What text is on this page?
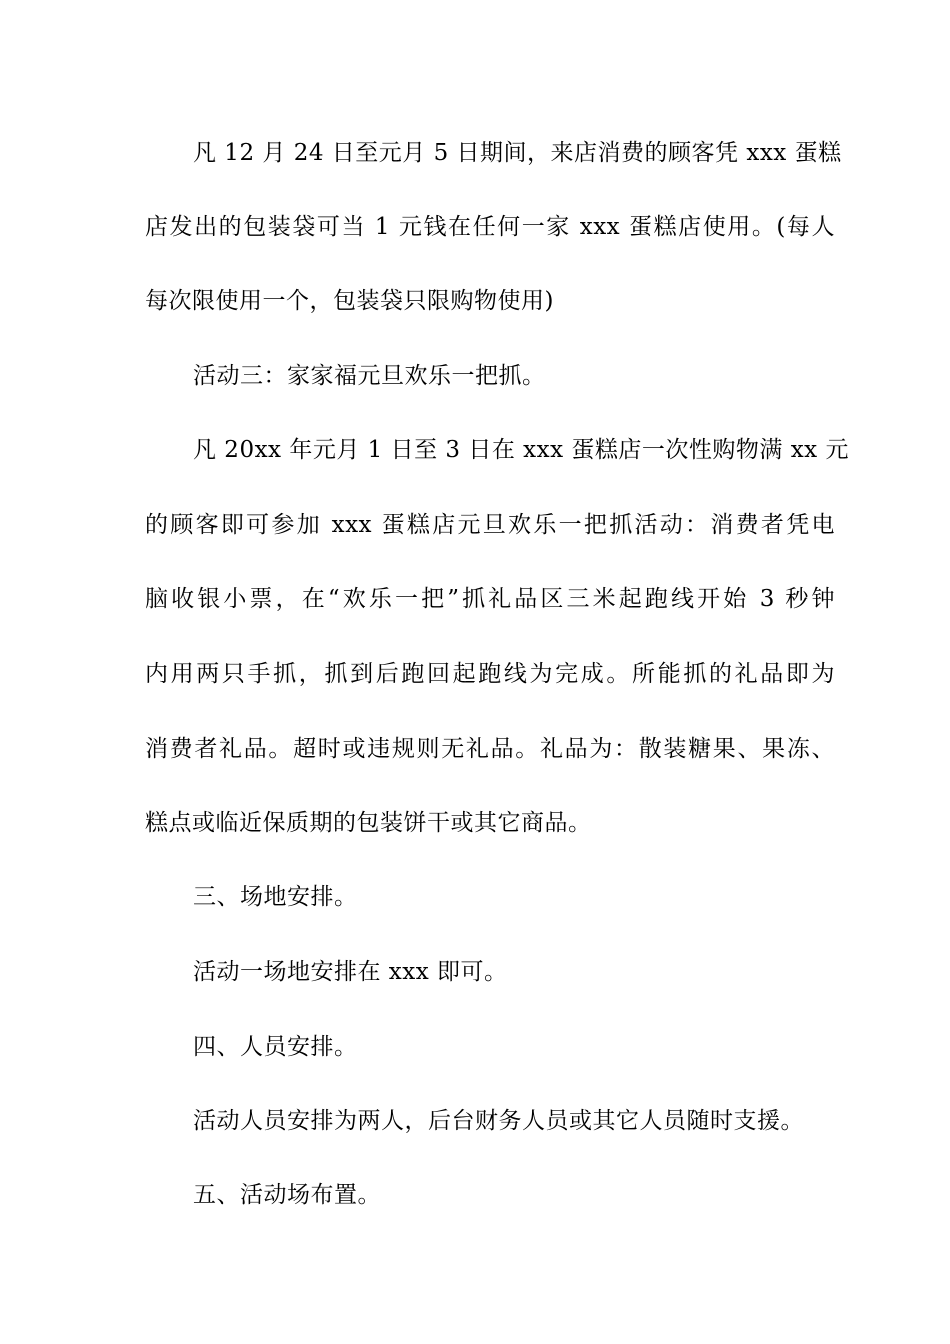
凡 12 月 24 日至元月 5 日期间，来店消费的顾客凭 xxx 蛋糕
店发出的包装袋可当 1 元钱在任何一家 xxx 蛋糕店使用。(每人
每次限使用一个，包装袋只限购物使用)
活动三：家家福元旦欢乐一把抓。
凡 20xx 年元月 1 日至 3 日在 xxx 蛋糕店一次性购物满 xx 元
的顾客即可参加 xxx 蛋糕店元旦欢乐一把抓活动：消费者凭电
脑收银小票，在“欢乐一把”抓礼品区三米起跑线开始 3 秒钟
内用两只手抓，抓到后跑回起跑线为完成。所能抓的礼品即为
消费者礼品。超时或违规则无礼品。礼品为：散装糖果、果冻、
糕点或临近保质期的包装饼干或其它商品。
三、场地安排。
活动一场地安排在 xxx 即可。
四、人员安排。
活动人员安排为两人，后台财务人员或其它人员随时支援。
五、活动场布置。
